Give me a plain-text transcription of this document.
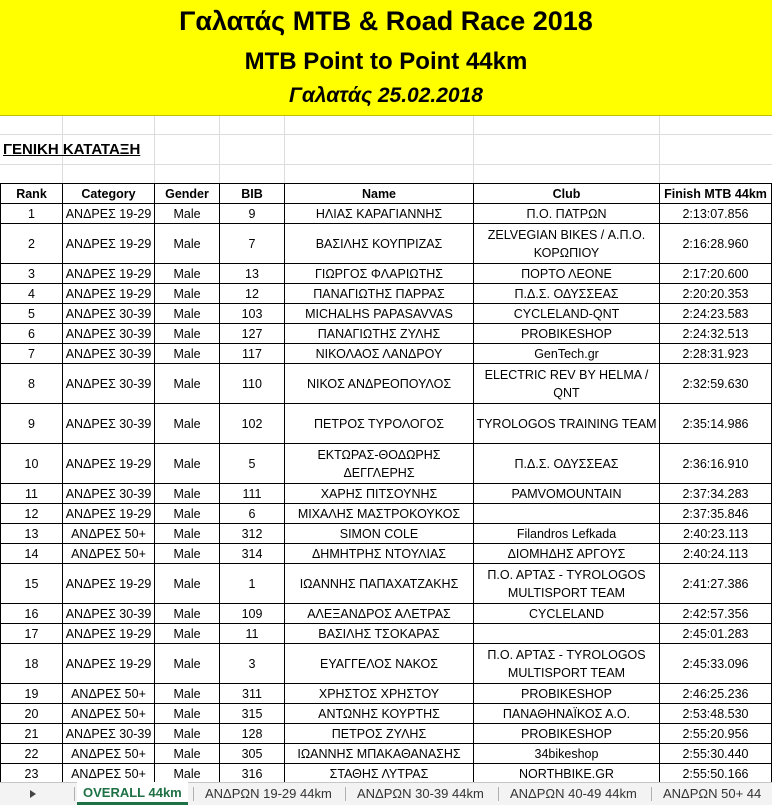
Γαλατάς MTB & Road Race 2018
MTB Point to Point 44km
Γαλατάς 25.02.2018
ΓΕΝΙΚΗ ΚΑΤΑΤΑΞΗ
Rank	Category	Gender	BIB	Name	Club	Finish MTB 44km
1	ΑΝΔΡΕΣ 19-29	Male	9	ΗΛΙΑΣ ΚΑΡΑΓΙΑΝΝΗΣ	Π.Ο. ΠΑΤΡΩΝ	2:13:07.856
2	ΑΝΔΡΕΣ 19-29	Male	7	ΒΑΣΙΛΗΣ ΚΟΥΠΡΙΖΑΣ	ZELVEGIAN BIKES / Α.Π.Ο. ΚΟΡΩΠΙΟΥ	2:16:28.960
3	ΑΝΔΡΕΣ 19-29	Male	13	ΓΙΩΡΓΟΣ ΦΛΑΡΙΩΤΗΣ	ΠΟΡΤΟ ΛΕΟΝΕ	2:17:20.600
4	ΑΝΔΡΕΣ 19-29	Male	12	ΠΑΝΑΓΙΩΤΗΣ ΠΑΡΡΑΣ	Π.Δ.Σ. ΟΔΥΣΣΕΑΣ	2:20:20.353
5	ΑΝΔΡΕΣ 30-39	Male	103	MICHALHS PAPASAVVAS	CYCLELAND-QNT	2:24:23.583
6	ΑΝΔΡΕΣ 30-39	Male	127	ΠΑΝΑΓΙΩΤΗΣ ΖΥΛΗΣ	PROBIKESHOP	2:24:32.513
7	ΑΝΔΡΕΣ 30-39	Male	117	ΝΙΚΟΛΑΟΣ ΛΑΝΔΡΟΥ	GenTech.gr	2:28:31.923
8	ΑΝΔΡΕΣ 30-39	Male	110	ΝΙΚΟΣ ΑΝΔΡΕΟΠΟΥΛΟΣ	ELECTRIC REV BY HELMA / QNT	2:32:59.630
9	ΑΝΔΡΕΣ 30-39	Male	102	ΠΕΤΡΟΣ ΤΥΡΟΛΟΓΟΣ	TYROLOGOS TRAINING TEAM	2:35:14.986
10	ΑΝΔΡΕΣ 19-29	Male	5	ΕΚΤΩΡΑΣ-ΘΟΔΩΡΗΣ ΔΕΓΓΛΕΡΗΣ	Π.Δ.Σ. ΟΔΥΣΣΕΑΣ	2:36:16.910
11	ΑΝΔΡΕΣ 30-39	Male	111	ΧΑΡΗΣ ΠΙΤΣΟΥΝΗΣ	PAMVOMOUNTAIN	2:37:34.283
12	ΑΝΔΡΕΣ 19-29	Male	6	ΜΙΧΑΛΗΣ ΜΑΣΤΡΟΚΟΥΚΟΣ		2:37:35.846
13	ΑΝΔΡΕΣ 50+	Male	312	SIMON COLE	Filandros Lefkada	2:40:23.113
14	ΑΝΔΡΕΣ 50+	Male	314	ΔΗΜΗΤΡΗΣ ΝΤΟΥΛΙΑΣ	ΔΙΟΜΗΔΗΣ ΑΡΓΟΥΣ	2:40:24.113
15	ΑΝΔΡΕΣ 19-29	Male	1	ΙΩΑΝΝΗΣ ΠΑΠΑΧΑΤΖΑΚΗΣ	Π.Ο. ΑΡΤΑΣ - TYROLOGOS MULTISPORT TEAM	2:41:27.386
16	ΑΝΔΡΕΣ 30-39	Male	109	ΑΛΕΞΑΝΔΡΟΣ ΑΛΕΤΡΑΣ	CYCLELAND	2:42:57.356
17	ΑΝΔΡΕΣ 19-29	Male	11	ΒΑΣΙΛΗΣ ΤΣΟΚΑΡΑΣ		2:45:01.283
18	ΑΝΔΡΕΣ 19-29	Male	3	ΕΥΑΓΓΕΛΟΣ ΝΑΚΟΣ	Π.Ο. ΑΡΤΑΣ - TYROLOGOS MULTISPORT TEAM	2:45:33.096
19	ΑΝΔΡΕΣ 50+	Male	311	ΧΡΗΣΤΟΣ ΧΡΗΣΤΟΥ	PROBIKESHOP	2:46:25.236
20	ΑΝΔΡΕΣ 50+	Male	315	ΑΝΤΩΝΗΣ ΚΟΥΡΤΗΣ	ΠΑΝΑΘΗΝΑΪΚΟΣ Α.Ο.	2:53:48.530
21	ΑΝΔΡΕΣ 30-39	Male	128	ΠΕΤΡΟΣ ΖΥΛΗΣ	PROBIKESHOP	2:55:20.956
22	ΑΝΔΡΕΣ 50+	Male	305	ΙΩΑΝΝΗΣ ΜΠΑΚΑΘΑΝΑΣΗΣ	34bikeshop	2:55:30.440
23	ΑΝΔΡΕΣ 50+	Male	316	ΣΤΑΘΗΣ ΛΥΤΡΑΣ	NORTHBIKE.GR	2:55:50.166
OVERALL 44km	ΑΝΔΡΩΝ 19-29 44km ΑΝΔΡΩΝ 30-39 44km ΑΝΔΡΩΝ 40-49 44km ΑΝΔΡΩΝ 50+ 44
